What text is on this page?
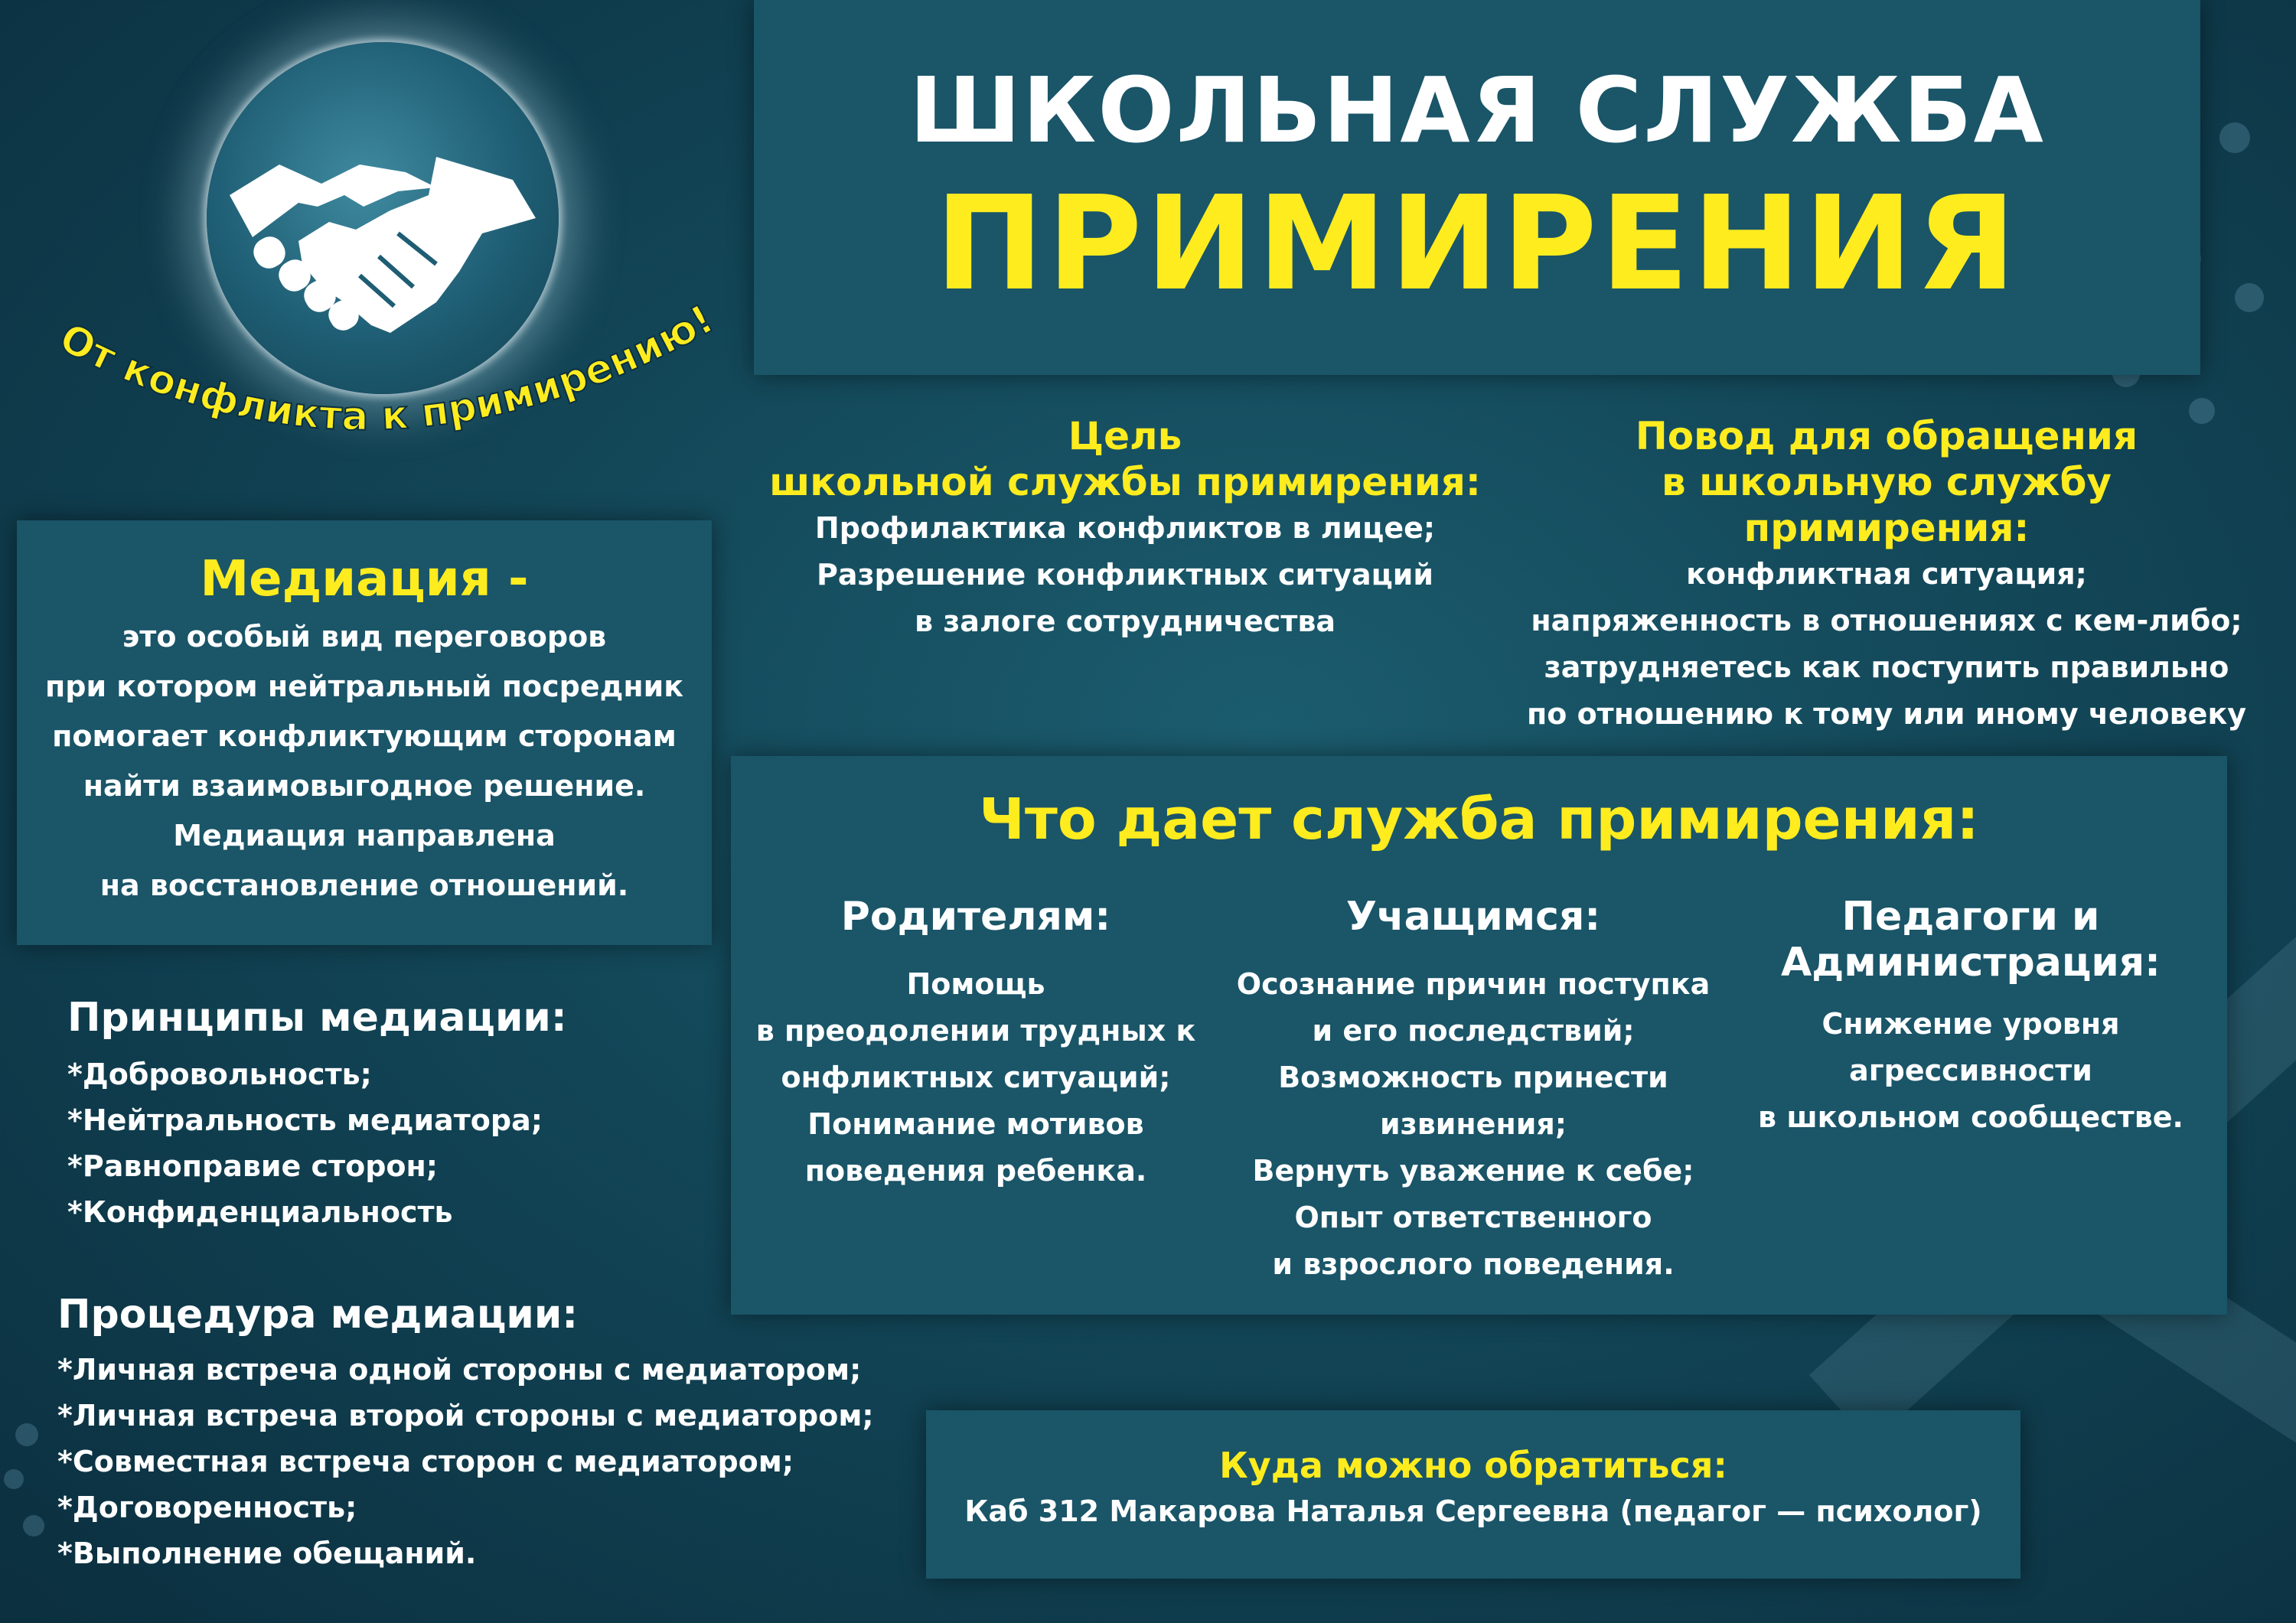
ШКОЛЬНАЯ СЛУЖБА
ПРИМИРЕНИЯ
От конфликта к примирению!
Медиация -
это особый вид переговоров
при котором нейтральный посредник
помогает конфликтующим сторонам
найти взаимовыгодное решение.
Медиация направлена
на восстановление отношений.
Принципы медиации:
*Добровольность;
*Нейтральность медиатора;
*Равноправие сторон;
*Конфиденциальность
Процедура медиации:
*Личная встреча одной стороны с медиатором;
*Личная встреча второй стороны с медиатором;
*Совместная встреча сторон с медиатором;
*Договоренность;
*Выполнение обещаний.
Цель
школьной службы примирения:
Профилактика конфликтов в лицее;
Разрешение конфликтных ситуаций
в залоге сотрудничества
Повод для обращения
в школьную службу примирения:
конфликтная ситуация;
напряженность в отношениях с кем-либо;
затрудняетесь как поступить правильно
по отношению к тому или иному человеку
Что дает служба примирения:
Родителям:
Помощь
в преодолении трудных к
онфликтных ситуаций;
Понимание мотивов
поведения ребенка.
Учащимся:
Осознание причин поступка
и его последствий;
Возможность принести
извинения;
Вернуть уважение к себе;
Опыт ответственного
и взрослого поведения.
Педагоги и
Администрация:
Снижение уровня
агрессивности
в школьном сообществе.
Куда можно обратиться:
Каб 312 Макарова Наталья Сергеевна (педагог — психолог)
